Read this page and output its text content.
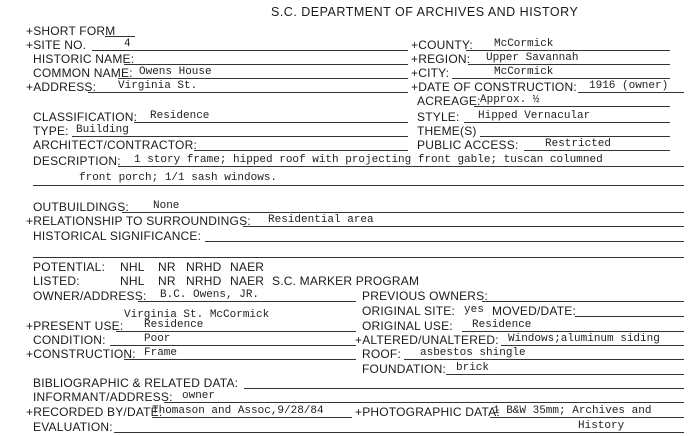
S.C. DEPARTMENT OF ARCHIVES AND HISTORY
+SHORT FORM
+SITE NO.	4	+COUNTY: McCormick
HISTORIC NAME:	+REGION: Upper Savannah
COMMON NAME: Owens House	+CITY:	McCormick
+ADDRESS: Virginia St.	+DATE OF CONSTRUCTION: 1916 (owner)
ACREAGE: Approx. ½
CLASSIFICATION: Residence	STYLE: Hipped Vernacular
TYPE: Building	THEME(S)
ARCHITECT/CONTRACTOR:	PUBLIC ACCESS: Restricted
DESCRIPTION: 1 story frame; hipped roof with projecting front gable; tuscan columned
front porch; 1/1 sash windows.
OUTBUILDINGS: None
+RELATIONSHIP TO SURROUNDINGS: Residential area
HISTORICAL SIGNIFICANCE:
POTENTIAL: NHL NR NRHD NAER
LISTED:	NHL NR NRHD NAER S.C. MARKER PROGRAM
OWNER/ADDRESS: B.C. Owens, JR.	PREVIOUS OWNERS:
Virginia St. McCormick	ORIGINAL SITE: yes MOVED/DATE:
+PRESENT USE: Residence	ORIGINAL USE: Residence
CONDITION:	Poor	+ALTERED/UNALTERED: Windows;aluminum siding
+CONSTRUCTION: Frame	ROOF: asbestos shingle
FOUNDATION: brick
BIBLIOGRAPHIC & RELATED DATA:
INFORMANT/ADDRESS: owner
+RECORDED BY/DATE:
Thomason and Assoc,9/28/84	+PHOTOGRAPHIC DATA:
1 B&W 35mm; Archives and
EVALUATION:	History
